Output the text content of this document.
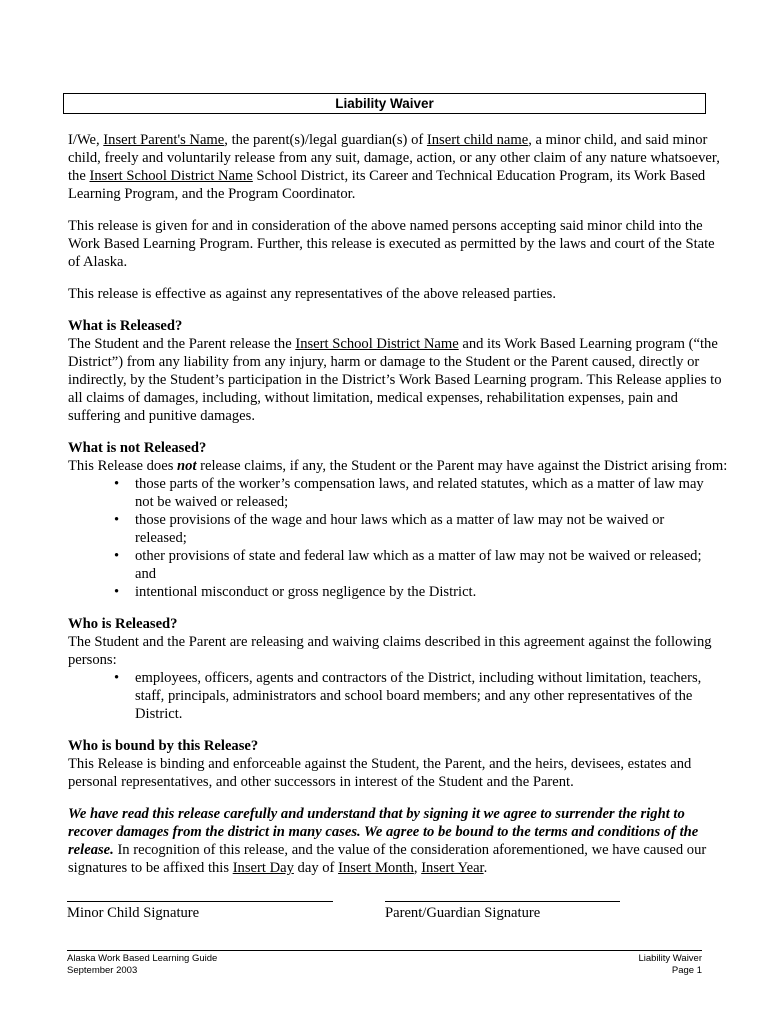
Liability Waiver

I/We, Insert Parent's Name, the parent(s)/legal guardian(s) of Insert child name, a minor child, and said minor child, freely and voluntarily release from any suit, damage, action, or any other claim of any nature whatsoever, the Insert School District Name School District, its Career and Technical Education Program, its Work Based Learning Program, and the Program Coordinator.

This release is given for and in consideration of the above named persons accepting said minor child into the Work Based Learning Program. Further, this release is executed as permitted by the laws and court of the State of Alaska.

This release is effective as against any representatives of the above released parties.

What is Released?

The Student and the Parent release the Insert School District Name and its Work Based Learning program (“the District”) from any liability from any injury, harm or damage to the Student or the Parent caused, directly or indirectly, by the Student’s participation in the District’s Work Based Learning program. This Release applies to all claims of damages, including, without limitation, medical expenses, rehabilitation expenses, pain and suffering and punitive damages.

What is not Released?

This Release does not release claims, if any, the Student or the Parent may have against the District arising from:

• those parts of the worker’s compensation laws, and related statutes, which as a matter of law may not be waived or released;
• those provisions of the wage and hour laws which as a matter of law may not be waived or released;
• other provisions of state and federal law which as a matter of law may not be waived or released; and
• intentional misconduct or gross negligence by the District.

Who is Released?

The Student and the Parent are releasing and waiving claims described in this agreement against the following persons:

• employees, officers, agents and contractors of the District, including without limitation, teachers, staff, principals, administrators and school board members; and any other representatives of the District.

Who is bound by this Release?

This Release is binding and enforceable against the Student, the Parent, and the heirs, devisees, estates and personal representatives, and other successors in interest of the Student and the Parent.

We have read this release carefully and understand that by signing it we agree to surrender the right to recover damages from the district in many cases. We agree to be bound to the terms and conditions of the release. In recognition of this release, and the value of the consideration aforementioned, we have caused our signatures to be affixed this Insert Day day of Insert Month, Insert Year.

Minor Child Signature	Parent/Guardian Signature
Alaska Work Based Learning Guide
September 2003
Liability Waiver
Page 1
